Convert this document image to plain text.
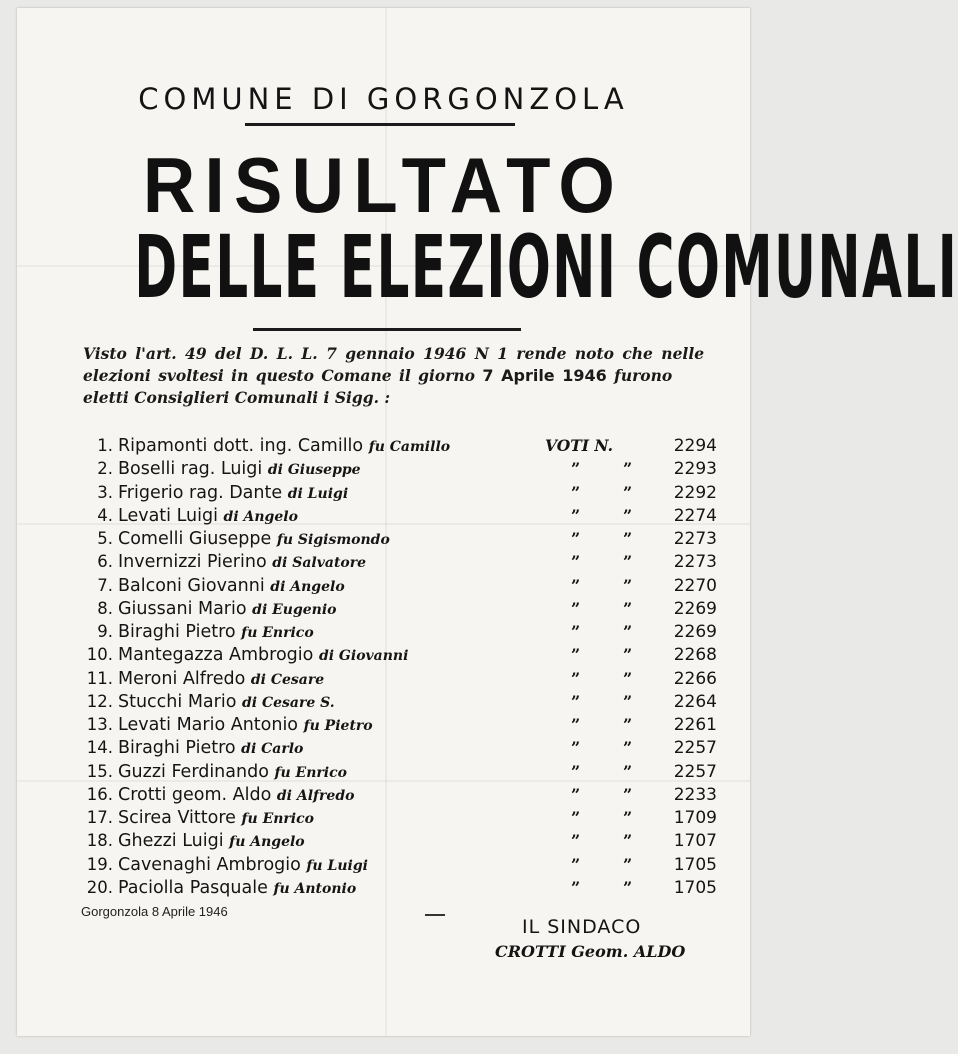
COMUNE DI GORGONZOLA
RISULTATO
DELLE ELEZIONI COMUNALI
Visto l'art. 49 del D. L. L. 7 gennaio 1946 N 1 rende noto che nelle
elezioni svoltesi in questo Comane il giorno 7 Aprile 1946 furono
eletti Consiglieri Comunali i Sigg. :
1. Ripamonti dott. ing. Camillo fu Camillo	VOTI N.	2294
2. Boselli rag. Luigi di Giuseppe	”	”	2293
3. Frigerio rag. Dante di Luigi	”	”	2292
4. Levati Luigi di Angelo	”	”	2274
5. Comelli Giuseppe fu Sigismondo	”	”	2273
6. Invernizzi Pierino di Salvatore	”	”	2273
7. Balconi Giovanni di Angelo	”	”	2270
8. Giussani Mario di Eugenio	”	”	2269
9. Biraghi Pietro fu Enrico	”	”	2269
10. Mantegazza Ambrogio di Giovanni	”	”	2268
11. Meroni Alfredo di Cesare	”	”	2266
12. Stucchi Mario di Cesare S.	”	”	2264
13. Levati Mario Antonio fu Pietro	”	”	2261
14. Biraghi Pietro di Carlo	”	”	2257
15. Guzzi Ferdinando fu Enrico	”	”	2257
16. Crotti geom. Aldo di Alfredo	”	”	2233
17. Scirea Vittore fu Enrico	”	”	1709
18. Ghezzi Luigi fu Angelo	”	”	1707
19. Cavenaghi Ambrogio fu Luigi	”	”	1705
20. Paciolla Pasquale fu Antonio	”	”	1705
Gorgonzola 8 Aprile 1946
IL SINDACO
CROTTI Geom. ALDO
